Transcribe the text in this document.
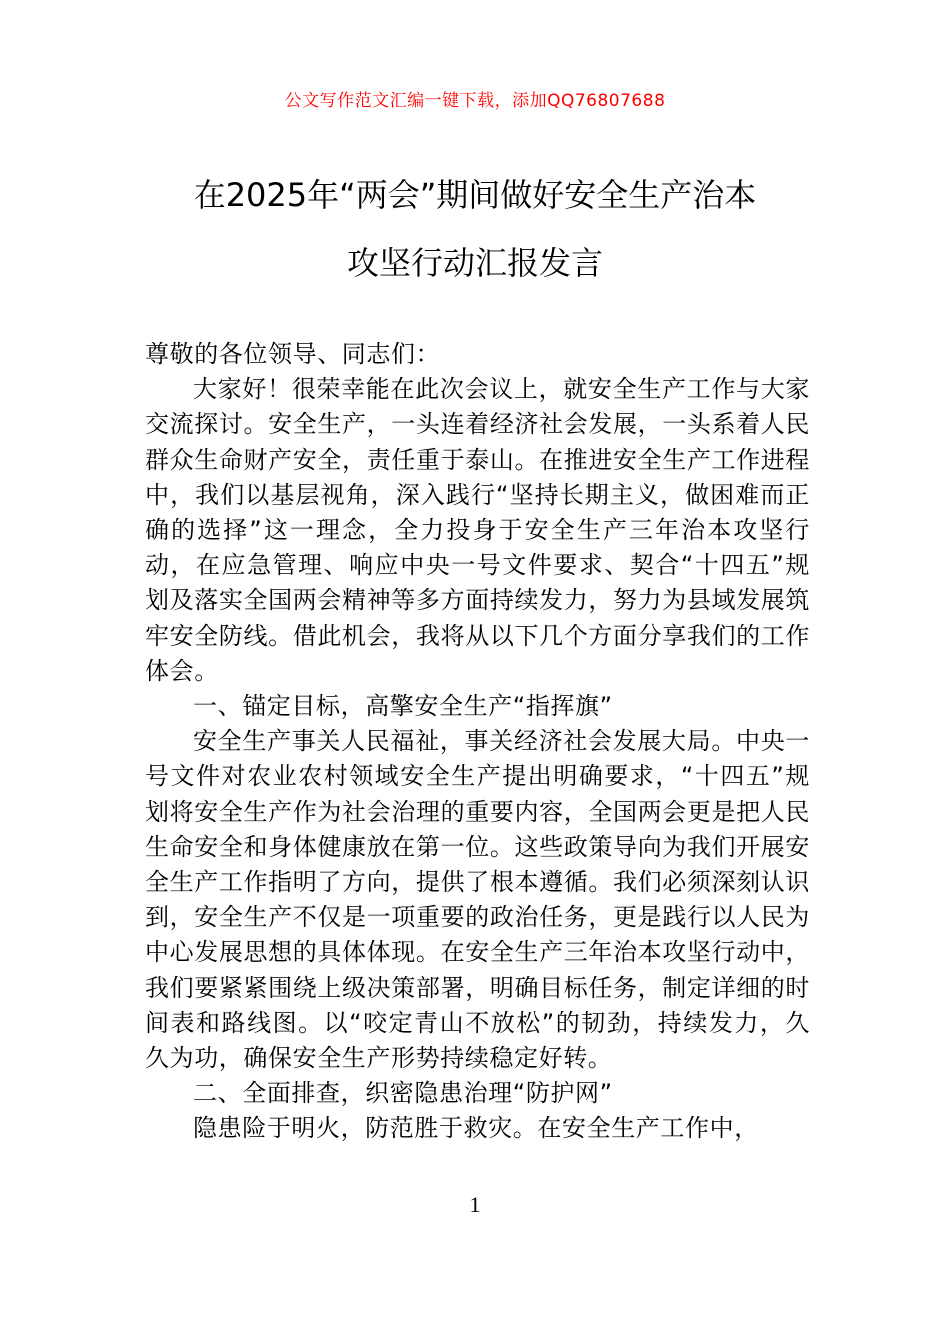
公文写作范文汇编一键下载，添加QQ76807688
在2025年“两会”期间做好安全生产治本
攻坚行动汇报发言

尊敬的各位领导、同志们：

大家好！很荣幸能在此次会议上，就安全生产工作与大家交流探讨。安全生产，一头连着经济社会发展，一头系着人民群众生命财产安全，责任重于泰山。在推进安全生产工作进程中，我们以基层视角，深入践行“坚持长期主义，做困难而正确的选择”这一理念，全力投身于安全生产三年治本攻坚行动，在应急管理、响应中央一号文件要求、契合“十四五”规划及落实全国两会精神等多方面持续发力，努力为县域发展筑牢安全防线。借此机会，我将从以下几个方面分享我们的工作体会。

一、锚定目标，高擎安全生产“指挥旗”

安全生产事关人民福祉，事关经济社会发展大局。中央一号文件对农业农村领域安全生产提出明确要求，“十四五”规划将安全生产作为社会治理的重要内容，全国两会更是把人民生命安全和身体健康放在第一位。这些政策导向为我们开展安全生产工作指明了方向，提供了根本遵循。我们必须深刻认识到，安全生产不仅是一项重要的政治任务，更是践行以人民为中心发展思想的具体体现。在安全生产三年治本攻坚行动中，我们要紧紧围绕上级决策部署，明确目标任务，制定详细的时间表和路线图。以“咬定青山不放松”的韧劲，持续发力，久久为功，确保安全生产形势持续稳定好转。

二、全面排查，织密隐患治理“防护网”

隐患险于明火，防范胜于救灾。在安全生产工作中，

1
